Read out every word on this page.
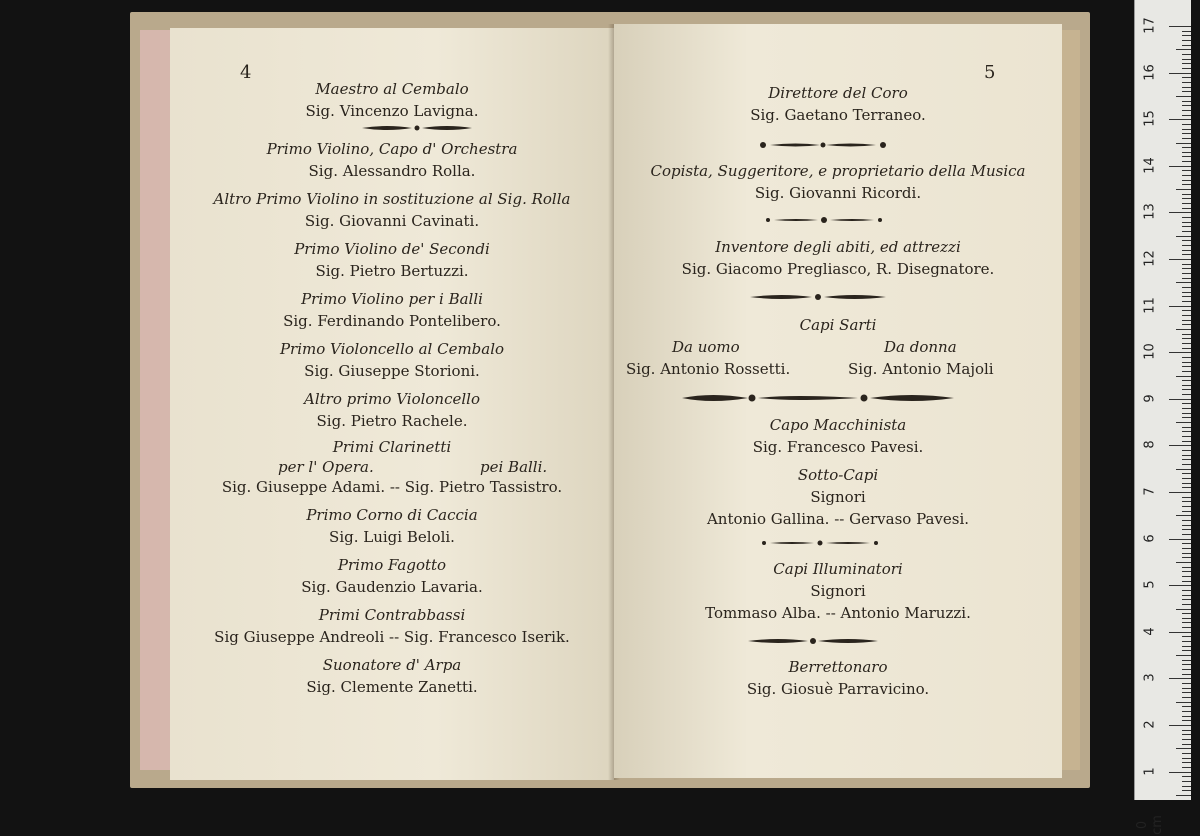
4
Maestro al Cembalo
Sig. Vincenzo Lavigna.
Primo Violino, Capo d' Orchestra
Sig. Alessandro Rolla.
Altro Primo Violino in sostituzione al Sig. Rolla
Sig. Giovanni Cavinati.
Primo Violino de' Secondi
Sig. Pietro Bertuzzi.
Primo Violino per i Balli
Sig. Ferdinando Pontelibero.
Primo Violoncello al Cembalo
Sig. Giuseppe Storioni.
Altro primo Violoncello
Sig. Pietro Rachele.
Primi Clarinetti
per l' Opera.	pei Balli.
Sig. Giuseppe Adami. -- Sig. Pietro Tassistro.
Primo Corno di Caccia
Sig. Luigi Beloli.
Primo Fagotto
Sig. Gaudenzio Lavaria.
Primi Contrabbassi
Sig Giuseppe Andreoli -- Sig. Francesco Iserik.
Suonatore d' Arpa
Sig. Clemente Zanetti.
5
Direttore del Coro
Sig. Gaetano Terraneo.
Copista, Suggeritore, e proprietario della Musica
Sig. Giovanni Ricordi.
Inventore degli abiti, ed attrezzi
Sig. Giacomo Pregliasco, R. Disegnatore.
Capi Sarti
Da uomo	Da donna
Sig. Antonio Rossetti.	Sig. Antonio Majoli
Capo Macchinista
Sig. Francesco Pavesi.
Sotto-Capi
Signori
Antonio Gallina. -- Gervaso Pavesi.
Capi Illuminatori
Signori
Tommaso Alba. -- Antonio Maruzzi.
Berrettonaro
Sig. Giosuè Parravicino.
17
16
15
14
13
12
11
10
9
8
7
6
5
4
3
2
1
0 cm
